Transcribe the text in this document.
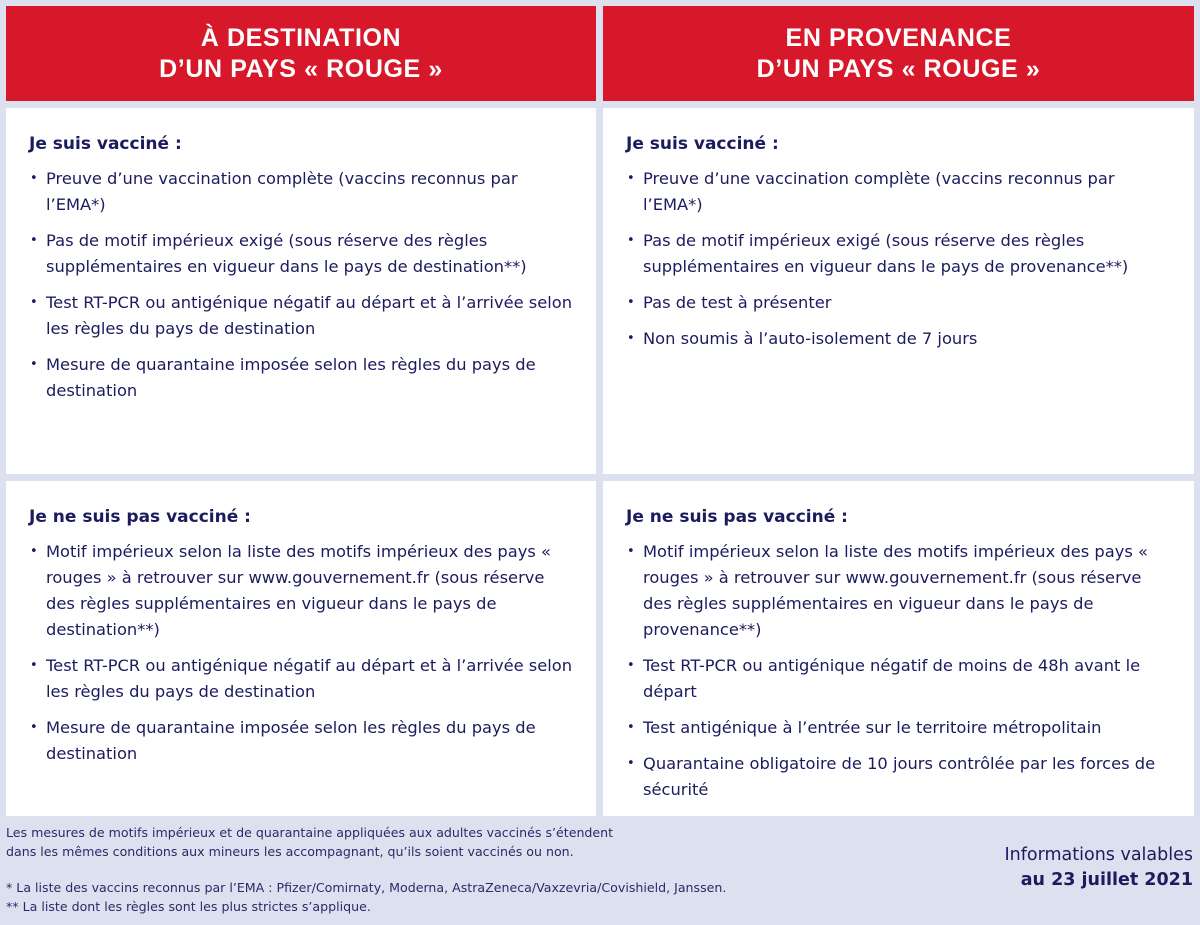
À DESTINATION
D’UN PAYS « ROUGE »
EN PROVENANCE
D’UN PAYS « ROUGE »
Je suis vacciné :
• Preuve d’une vaccination complète (vaccins reconnus par l’EMA*)
• Pas de motif impérieux exigé (sous réserve des règles supplémentaires en vigueur dans le pays de destination**)
• Test RT-PCR ou antigénique négatif au départ et à l’arrivée selon les règles du pays de destination
• Mesure de quarantaine imposée selon les règles du pays de destination
Je suis vacciné :
• Preuve d’une vaccination complète (vaccins reconnus par l’EMA*)
• Pas de motif impérieux exigé (sous réserve des règles supplémentaires en vigueur dans le pays de provenance**)
• Pas de test à présenter
• Non soumis à l’auto-isolement de 7 jours
Je ne suis pas vacciné :
• Motif impérieux selon la liste des motifs impérieux des pays « rouges » à retrouver sur www.gouvernement.fr (sous réserve des règles supplémentaires en vigueur dans le pays de destination**)
• Test RT-PCR ou antigénique négatif au départ et à l’arrivée selon les règles du pays de destination
• Mesure de quarantaine imposée selon les règles du pays de destination
Je ne suis pas vacciné :
• Motif impérieux selon la liste des motifs impérieux des pays « rouges » à retrouver sur www.gouvernement.fr (sous réserve des règles supplémentaires en vigueur dans le pays de provenance**)
• Test RT-PCR ou antigénique négatif de moins de 48h avant le départ
• Test antigénique à l’entrée sur le territoire métropolitain
• Quarantaine obligatoire de 10 jours contrôlée par les forces de sécurité

Les mesures de motifs impérieux et de quarantaine appliquées aux adultes vaccinés s’étendent

dans les mêmes conditions aux mineurs les accompagnant, qu’ils soient vaccinés ou non.

* La liste des vaccins reconnus par l’EMA : Pfizer/Comirnaty, Moderna, AstraZeneca/Vaxzevria/Covishield, Janssen.

** La liste dont les règles sont les plus strictes s’applique.

Informations valables
au 23 juillet 2021
